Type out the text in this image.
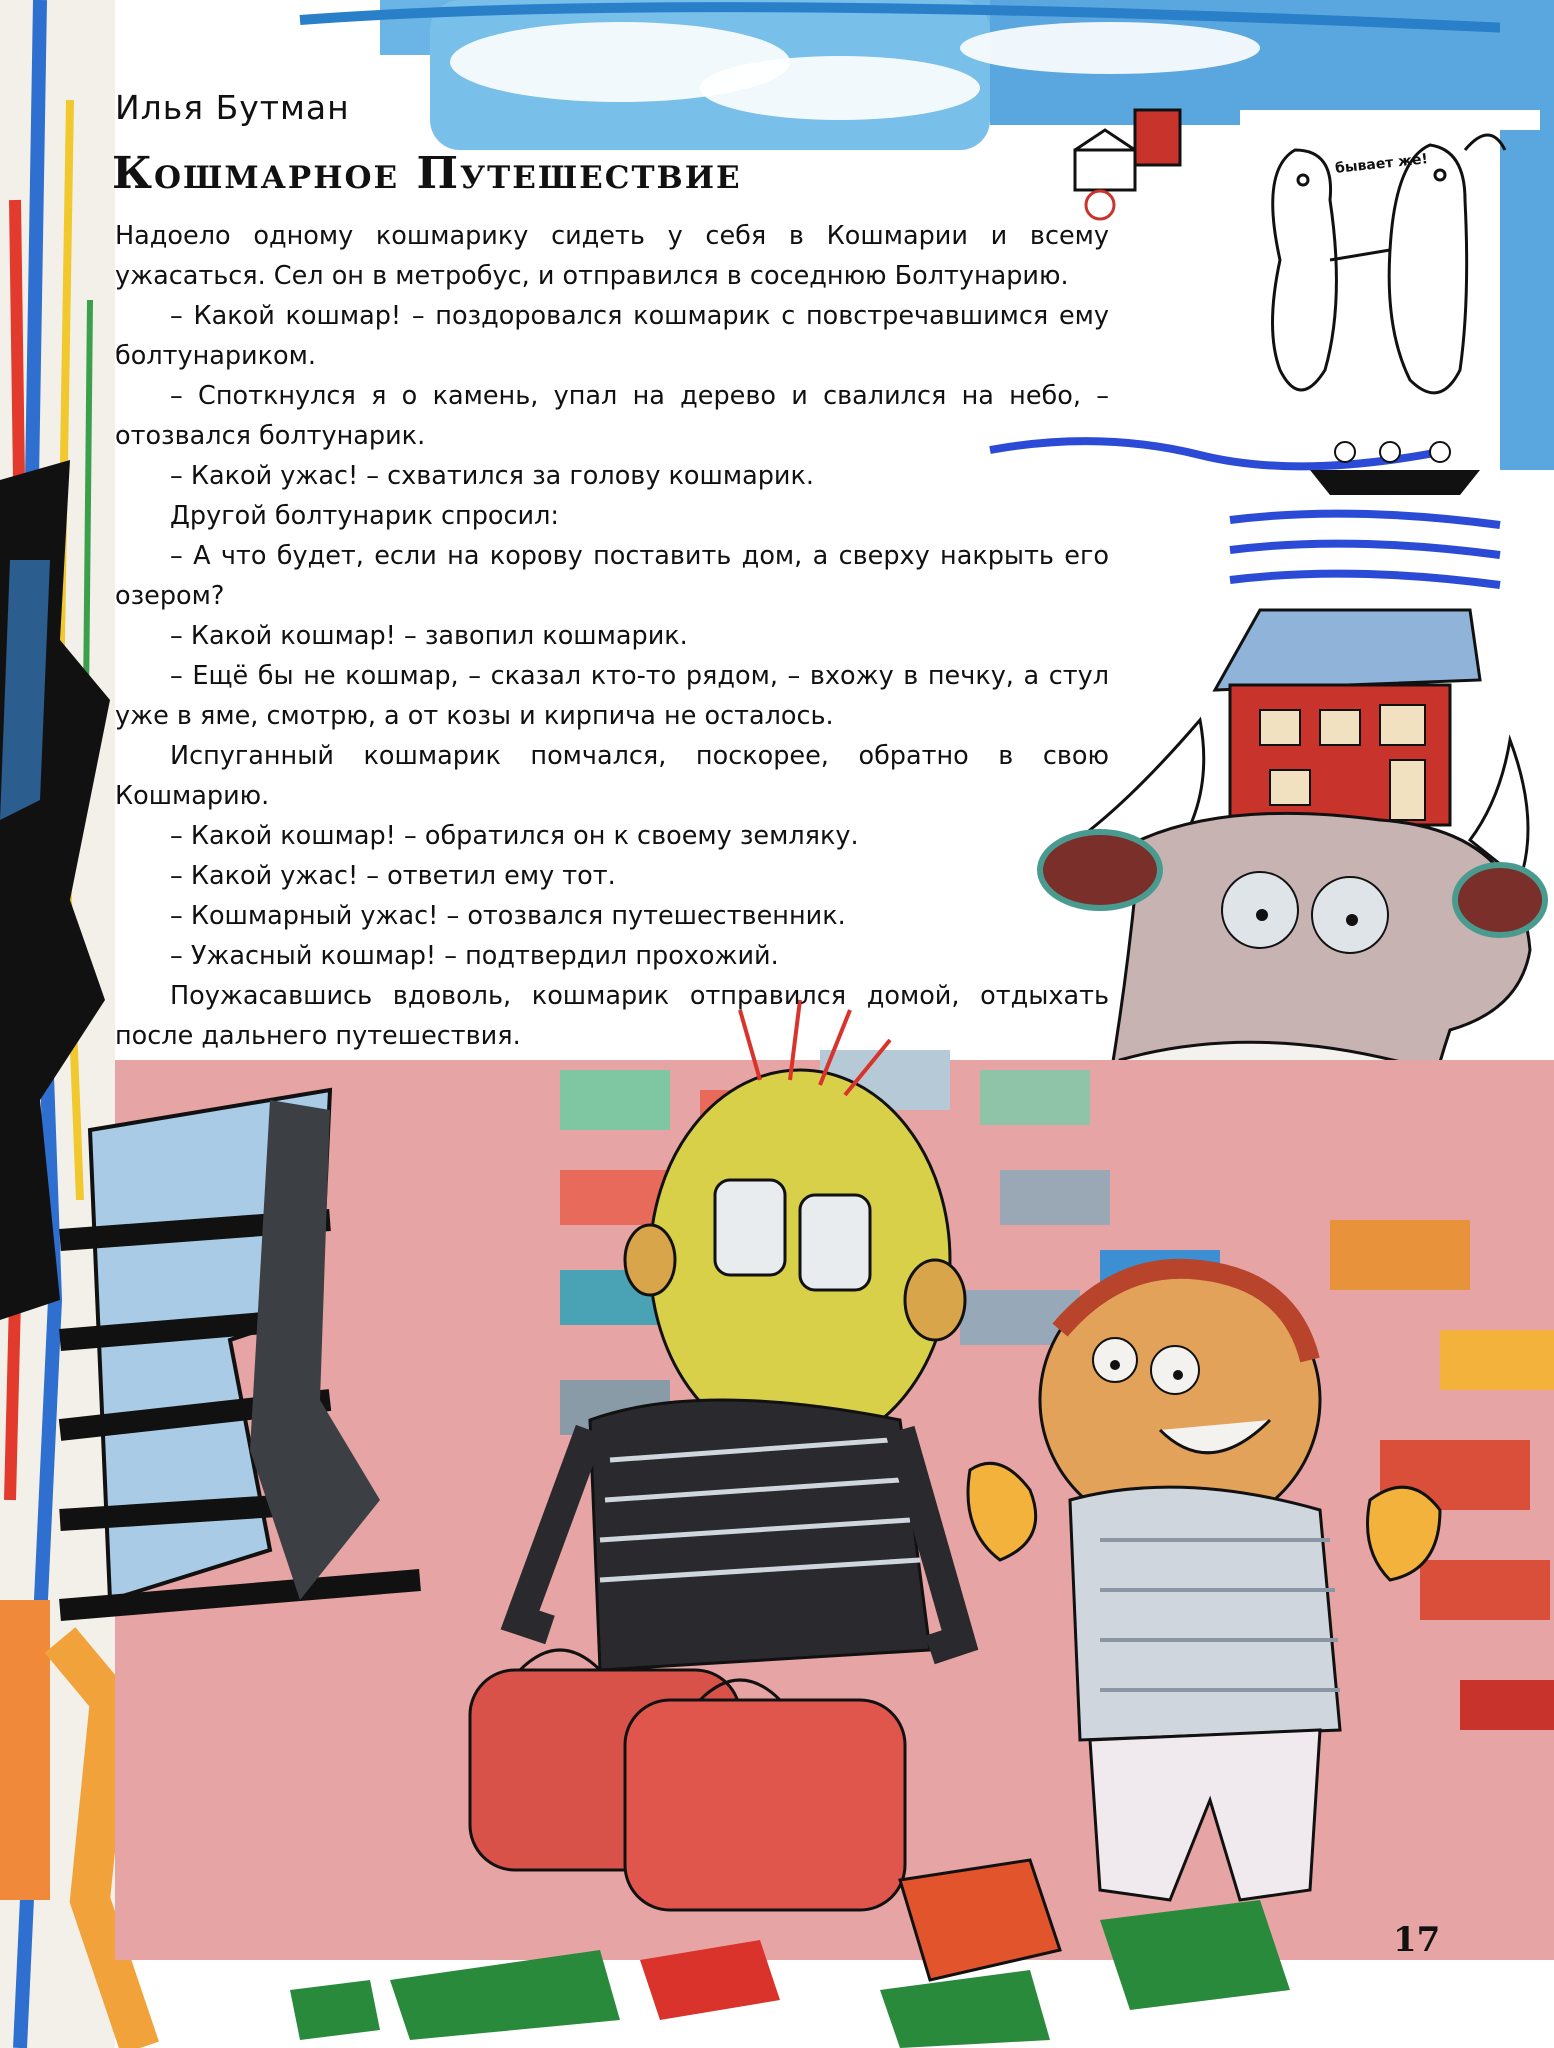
Илья Бутман
Кошмарное Путешествие	бывает же!

Надоело одному кошмарику сидеть у себя в Кошмарии и всему ужасаться. Сел он в метробус, и отправился в соседнюю Болтунарию.

– Какой кошмар! – поздоровался кошмарик с повстречавшимся ему болтунариком.

– Споткнулся я о камень, упал на дерево и свалился на небо, – отозвался болтунарик.

– Какой ужас! – схватился за голову кошмарик.

Другой болтунарик спросил:

– А что будет, если на корову поставить дом, а сверху накрыть его озером?

– Какой кошмар! – завопил кошмарик.

– Ещё бы не кошмар, – сказал кто-то рядом, – вхожу в печку, а стул уже в яме, смотрю, а от козы и кирпича не осталось.

Испуганный кошмарик помчался, поскорее, обратно в свою Кошмарию.

– Какой кошмар! – обратился он к своему земляку.

– Какой ужас! – ответил ему тот.

– Кошмарный ужас! – отозвался путешественник.

– Ужасный кошмар! – подтвердил прохожий.

Поужасавшись вдоволь, кошмарик отправился домой, отдыхать после дальнего путешествия.

17
